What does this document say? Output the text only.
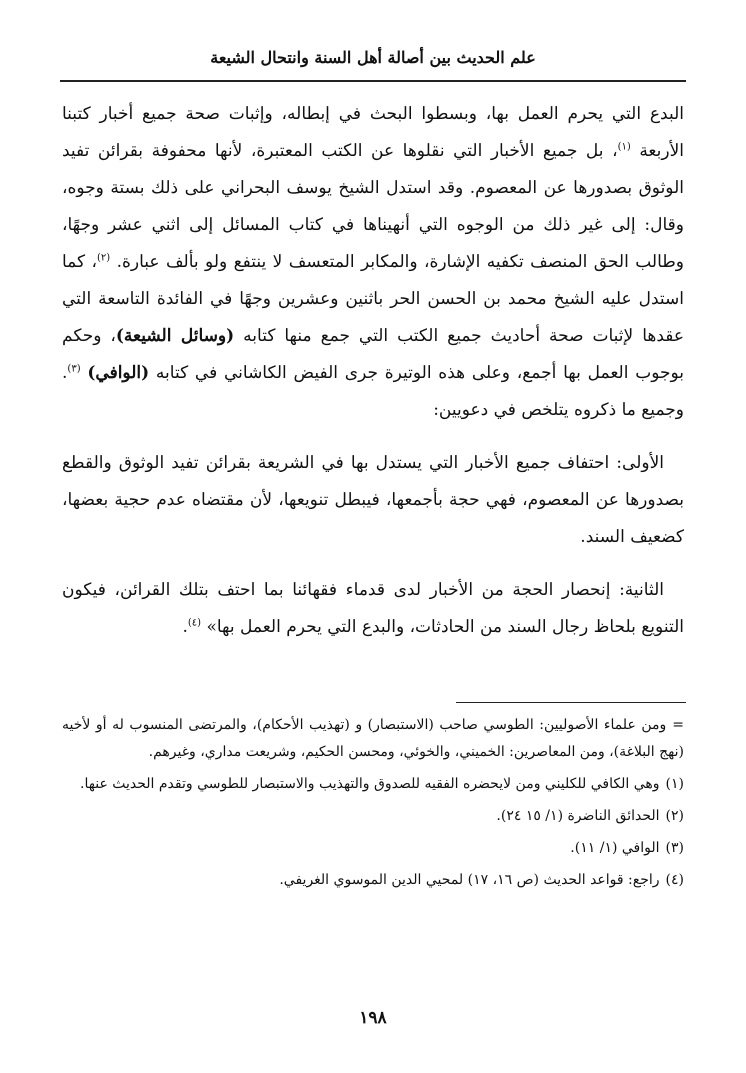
علم الحديث بين أصالة أهل السنة وانتحال الشيعة

البدع التي يحرم العمل بها، وبسطوا البحث في إبطاله، وإثبات صحة جميع أخبار كتبنا الأربعة $^{(١)}$، بل جميع الأخبار التي نقلوها عن الكتب المعتبرة، لأنها محفوفة بقرائن تفيد الوثوق بصدورها عن المعصوم. وقد استدل الشيخ يوسف البحراني على ذلك بستة وجوه، وقال: إلى غير ذلك من الوجوه التي أنهيناها في كتاب المسائل إلى اثني عشر وجهًا، وطالب الحق المنصف تكفيه الإشارة، والمكابر المتعسف لا ينتفع ولو بألف عبارة. $^{(٢)}$، كما استدل عليه الشيخ محمد بن الحسن الحر باثنين وعشرين وجهًا في الفائدة التاسعة التي عقدها لإثبات صحة أحاديث جميع الكتب التي جمع منها كتابه (وسائل الشيعة)، وحكم بوجوب العمل بها أجمع، وعلى هذه الوتيرة جرى الفيض الكاشاني في كتابه (الوافي) $^{(٣)}$. وجميع ما ذكروه يتلخص في دعويين:

الأولى: احتفاف جميع الأخبار التي يستدل بها في الشريعة بقرائن تفيد الوثوق والقطع بصدورها عن المعصوم، فهي حجة بأجمعها، فيبطل تنويعها، لأن مقتضاه عدم حجية بعضها، كضعيف السند.

الثانية: إنحصار الحجة من الأخبار لدى قدماء فقهائنا بما احتف بتلك القرائن، فيكون التنويع بلحاظ رجال السند من الحادثات، والبدع التي يحرم العمل بها» $^{(٤)}$.

=ومن علماء الأصوليين: الطوسي صاحب (الاستبصار) و (تهذيب الأحكام)، والمرتضى المنسوب له أو لأخيه (نهج البلاغة)، ومن المعاصرين: الخميني، والخوئي، ومحسن الحكيم، وشريعت مداري، وغيرهم.

(١)وهي الكافي للكليني ومن لايحضره الفقيه للصدوق والتهذيب والاستبصار للطوسي وتقدم الحديث عنها.

(٢)الحدائق الناضرة (١/ ١٥ ٢٤).

(٣)الوافي (١/ ١١).

(٤)راجع: قواعد الحديث (ص ١٦، ١٧) لمحيي الدين الموسوي الغريفي.

١٩٨
